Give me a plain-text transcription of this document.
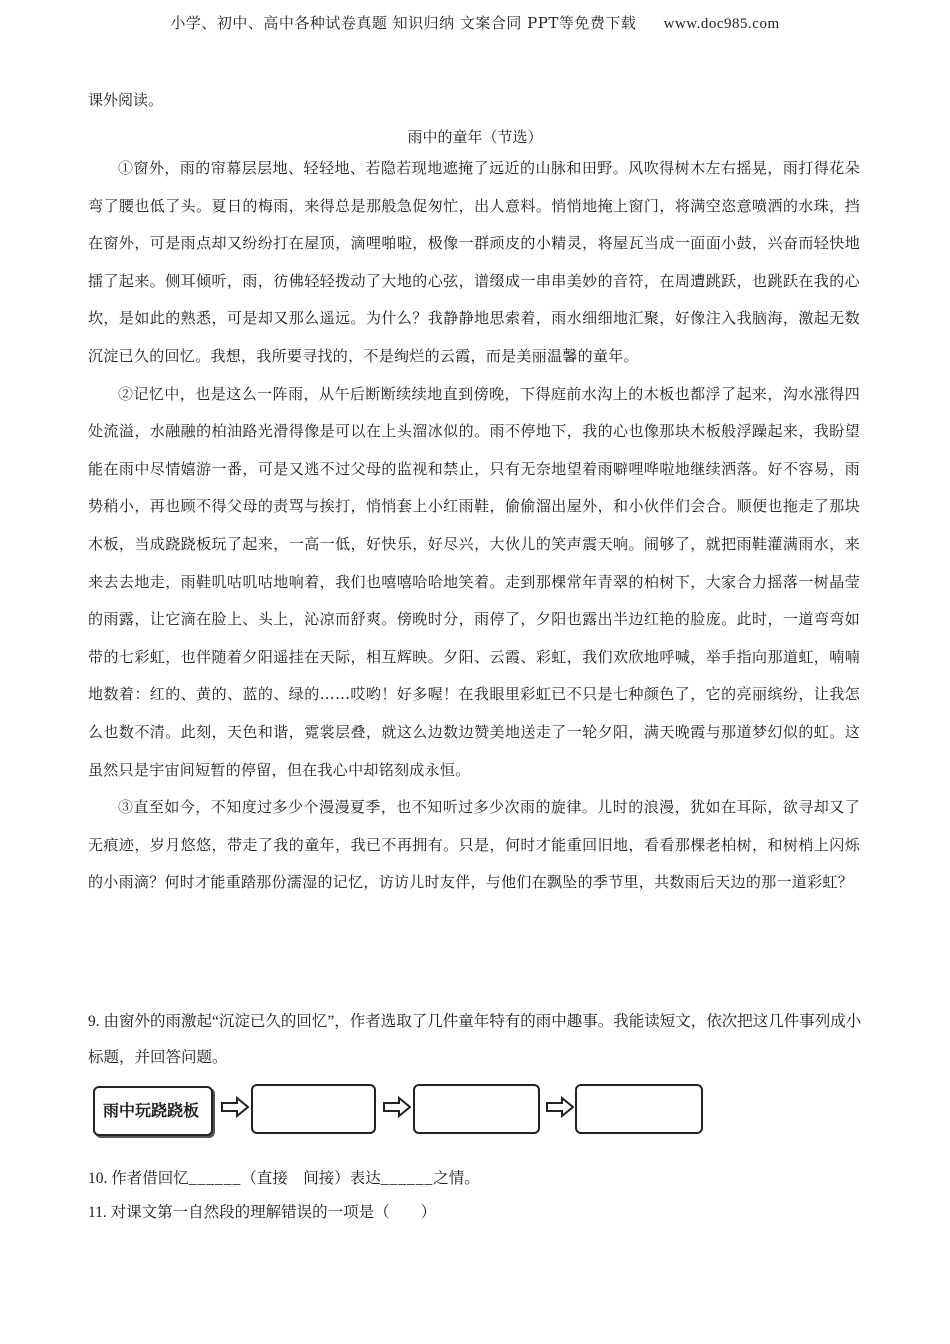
小学、初中、高中各种试卷真题 知识归纳 文案合同 PPT等免费下载 www.doc985.com
课外阅读。
雨中的童年（节选）

①窗外，雨的帘幕层层地、轻轻地、若隐若现地遮掩了远近的山脉和田野。风吹得树木左右摇晃，雨打得花朵弯了腰也低了头。夏日的梅雨，来得总是那般急促匆忙，出人意料。悄悄地掩上窗门，将满空恣意喷洒的水珠，挡在窗外，可是雨点却又纷纷打在屋顶，滴哩啪啦，极像一群顽皮的小精灵，将屋瓦当成一面面小鼓，兴奋而轻快地擂了起来。侧耳倾听，雨，彷佛轻轻拨动了大地的心弦，谱缀成一串串美妙的音符，在周遭跳跃，也跳跃在我的心坎，是如此的熟悉，可是却又那么遥远。为什么？我静静地思索着，雨水细细地汇聚，好像注入我脑海，激起无数沉淀已久的回忆。我想，我所要寻找的，不是绚烂的云霞，而是美丽温馨的童年。

②记忆中，也是这么一阵雨，从午后断断续续地直到傍晚，下得庭前水沟上的木板也都浮了起来，沟水涨得四处流溢，水融融的柏油路光滑得像是可以在上头溜冰似的。雨不停地下，我的心也像那块木板般浮躁起来，我盼望能在雨中尽情嬉游一番，可是又逃不过父母的监视和禁止，只有无奈地望着雨噼哩哗啦地继续洒落。好不容易，雨势稍小，再也顾不得父母的责骂与挨打，悄悄套上小红雨鞋，偷偷溜出屋外，和小伙伴们会合。顺便也拖走了那块木板，当成跷跷板玩了起来，一高一低，好快乐，好尽兴，大伙儿的笑声震天响。闹够了，就把雨鞋灌满雨水，来来去去地走，雨鞋叽咕叽咕地响着，我们也嘻嘻哈哈地笑着。走到那棵常年青翠的柏树下，大家合力摇落一树晶莹的雨露，让它滴在脸上、头上，沁凉而舒爽。傍晚时分，雨停了，夕阳也露出半边红艳的脸庞。此时，一道弯弯如带的七彩虹，也伴随着夕阳遥挂在天际，相互辉映。夕阳、云霞、彩虹，我们欢欣地呼喊，举手指向那道虹，喃喃地数着：红的、黄的、蓝的、绿的……哎哟！好多喔！在我眼里彩虹已不只是七种颜色了，它的亮丽缤纷，让我怎么也数不清。此刻，天色和谐，霓裳层叠，就这么边数边赞美地送走了一轮夕阳，满天晚霞与那道梦幻似的虹。这虽然只是宇宙间短暂的停留，但在我心中却铭刻成永恒。

③直至如今，不知度过多少个漫漫夏季，也不知听过多少次雨的旋律。儿时的浪漫，犹如在耳际，欲寻却又了无痕迹，岁月悠悠，带走了我的童年，我已不再拥有。只是，何时才能重回旧地，看看那棵老柏树，和树梢上闪烁的小雨滴？何时才能重踏那份濡湿的记忆，访访儿时友伴，与他们在飘坠的季节里，共数雨后天边的那一道彩虹？

9. 由窗外的雨激起“沉淀已久的回忆”，作者选取了几件童年特有的雨中趣事。我能读短文，依次把这几件事列成小标题，并回答问题。
雨中玩跷跷板
10. 作者借回忆______（直接　间接）表达______之情。
11. 对课文第一自然段的理解错误的一项是（　　）
